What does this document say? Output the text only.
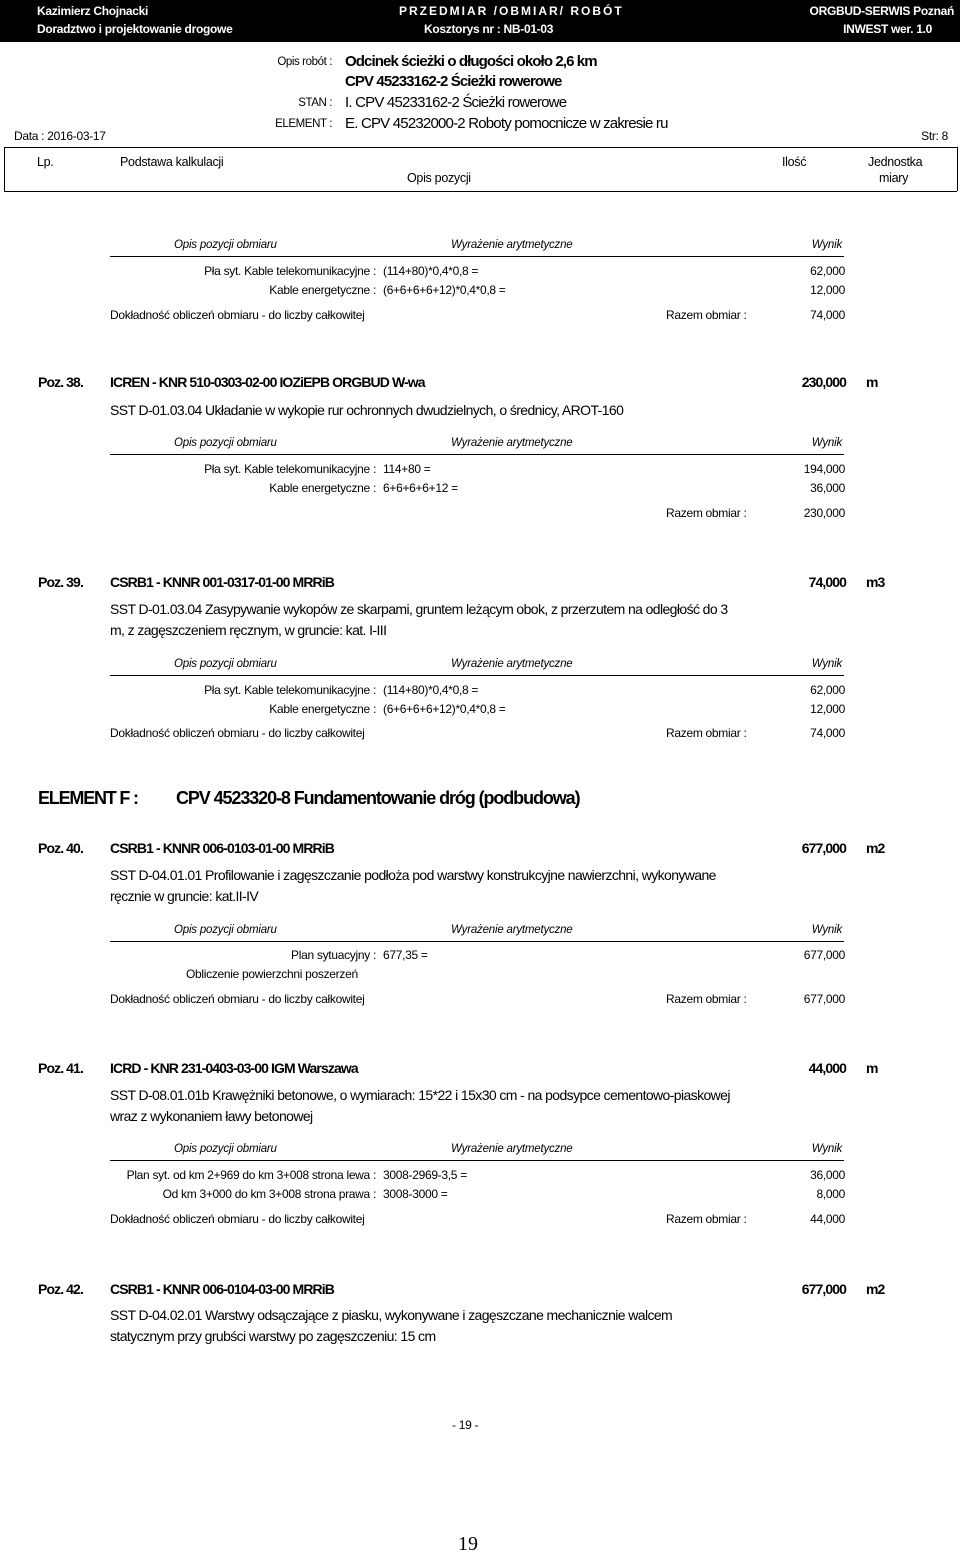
Kazimierz Chojnacki
Doradztwo i projektowanie drogowe
PRZEDMIAR /OBMIAR/ ROBÓT
Kosztorys nr : NB-01-03
ORGBUD-SERWIS Poznań
INWEST wer. 1.0
Opis robót : Odcinek ścieżki o długości około 2,6 km
CPV 45233162-2 Ścieżki rowerowe
STAN : I. CPV 45233162-2 Ścieżki rowerowe
ELEMENT : E. CPV 45232000-2 Roboty pomocnicze w zakresie ru
Data : 2016-03-17	Str: 8
Lp.	Podstawa kalkulacji
Opis pozycji
Ilość	Jednostka
miary
Opis pozycji obmiaru	Wyrażenie arytmetyczne	Wynik
Pła syt. Kable telekomunikacyjne : (114+80)*0,4*0,8 =	62,000
Kable energetyczne : (6+6+6+6+12)*0,4*0,8 =	12,000
Dokładność obliczeń obmiaru - do liczby całkowitej	Razem obmiar :	74,000
Poz. 38. ICREN - KNR 510-0303-02-00 IOZiEPB ORGBUD W-wa	230,000 m
SST D-01.03.04 Układanie w wykopie rur ochronnych dwudzielnych, o średnicy, AROT-160
Opis pozycji obmiaru	Wyrażenie arytmetyczne	Wynik
Pła syt. Kable telekomunikacyjne : 114+80 =	194,000
Kable energetyczne : 6+6+6+6+12 =	36,000
Razem obmiar :	230,000
Poz. 39. CSRB1 - KNNR 001-0317-01-00 MRRiB	74,000 m3
SST D-01.03.04 Zasypywanie wykopów ze skarpami, gruntem leżącym obok, z przerzutem na odległość do 3
m, z zagęszczeniem ręcznym, w gruncie: kat. I-III
Opis pozycji obmiaru	Wyrażenie arytmetyczne	Wynik
Pła syt. Kable telekomunikacyjne : (114+80)*0,4*0,8 =	62,000
Kable energetyczne : (6+6+6+6+12)*0,4*0,8 =	12,000
Dokładność obliczeń obmiaru - do liczby całkowitej	Razem obmiar :	74,000
ELEMENT F : CPV 4523320-8 Fundamentowanie dróg (podbudowa)
Poz. 40. CSRB1 - KNNR 006-0103-01-00 MRRiB	677,000 m2
SST D-04.01.01 Profilowanie i zagęszczanie podłoża pod warstwy konstrukcyjne nawierzchni, wykonywane
ręcznie w gruncie: kat.II-IV
Opis pozycji obmiaru	Wyrażenie arytmetyczne	Wynik
Plan sytuacyjny : 677,35 =	677,000
Obliczenie powierzchni poszerzeń
Dokładność obliczeń obmiaru - do liczby całkowitej	Razem obmiar :	677,000
Poz. 41. ICRD - KNR 231-0403-03-00 IGM Warszawa	44,000 m
SST D-08.01.01b Krawężniki betonowe, o wymiarach: 15*22 i 15x30 cm - na podsypce cementowo-piaskowej
wraz z wykonaniem ławy betonowej
Opis pozycji obmiaru	Wyrażenie arytmetyczne	Wynik
Plan syt. od km 2+969 do km 3+008 strona lewa : 3008-2969-3,5 =	36,000
Od km 3+000 do km 3+008 strona prawa : 3008-3000 =	8,000
Dokładność obliczeń obmiaru - do liczby całkowitej	Razem obmiar :	44,000
Poz. 42. CSRB1 - KNNR 006-0104-03-00 MRRiB	677,000 m2
SST D-04.02.01 Warstwy odsączające z piasku, wykonywane i zagęszczane mechanicznie walcem
statycznym przy grubści warstwy po zagęszczeniu: 15 cm
- 19 -
19
